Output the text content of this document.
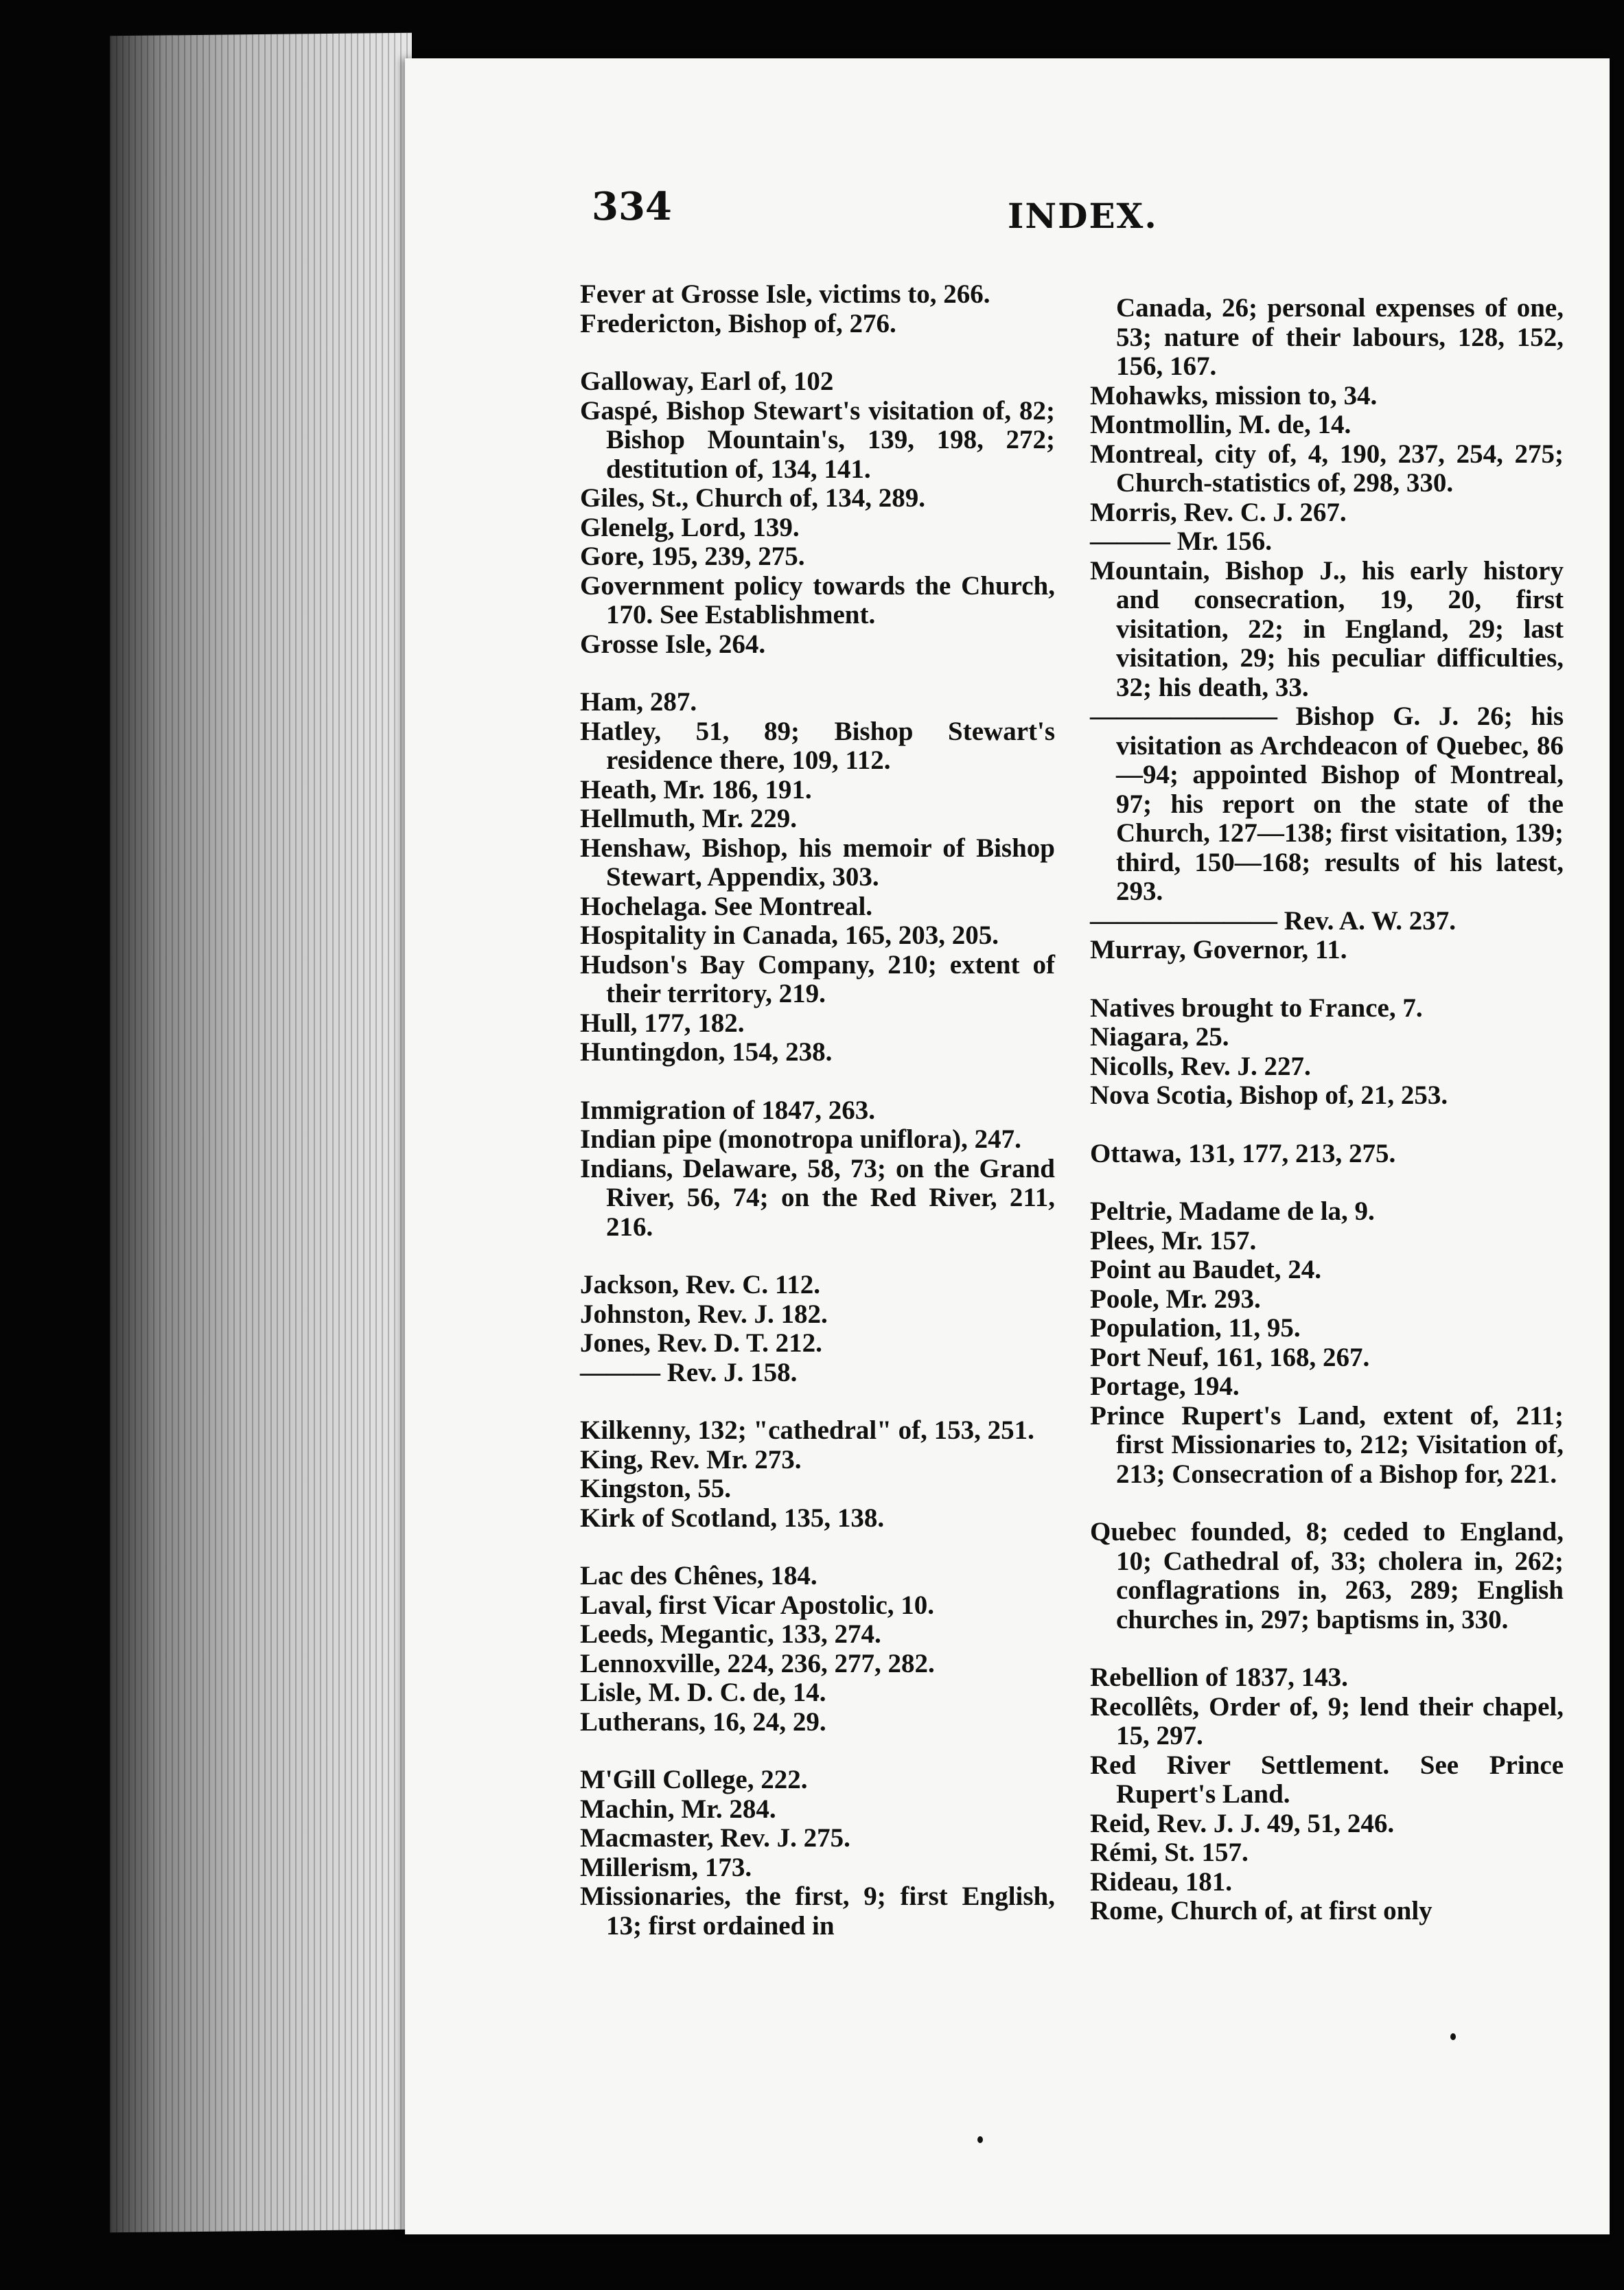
334	INDEX.

Fever at Grosse Isle, victims to, 266.

Fredericton, Bishop of, 276.

Galloway, Earl of, 102

Gaspé, Bishop Stewart's visitation of, 82; Bishop Mountain's, 139, 198, 272; destitution of, 134, 141.

Giles, St., Church of, 134, 289.

Glenelg, Lord, 139.

Gore, 195, 239, 275.

Government policy towards the Church, 170. See Establishment.

Grosse Isle, 264.

Ham, 287.

Hatley, 51, 89; Bishop Stewart's residence there, 109, 112.

Heath, Mr. 186, 191.

Hellmuth, Mr. 229.

Henshaw, Bishop, his memoir of Bishop Stewart, Appendix, 303.

Hochelaga. See Montreal.

Hospitality in Canada, 165, 203, 205.

Hudson's Bay Company, 210; extent of their territory, 219.

Hull, 177, 182.

Huntingdon, 154, 238.

Immigration of 1847, 263.

Indian pipe (monotropa uniflora), 247.

Indians, Delaware, 58, 73; on the Grand River, 56, 74; on the Red River, 211, 216.

Jackson, Rev. C. 112.

Johnston, Rev. J. 182.

Jones, Rev. D. T. 212.

——— Rev. J. 158.

Kilkenny, 132; "cathedral" of, 153, 251.

King, Rev. Mr. 273.

Kingston, 55.

Kirk of Scotland, 135, 138.

Lac des Chênes, 184.

Laval, first Vicar Apostolic, 10.

Leeds, Megantic, 133, 274.

Lennoxville, 224, 236, 277, 282.

Lisle, M. D. C. de, 14.

Lutherans, 16, 24, 29.

M'Gill College, 222.

Machin, Mr. 284.

Macmaster, Rev. J. 275.

Millerism, 173.

Missionaries, the first, 9; first English, 13; first ordained in

Canada, 26; personal expenses of one, 53; nature of their labours, 128, 152, 156, 167.

Mohawks, mission to, 34.

Montmollin, M. de, 14.

Montreal, city of, 4, 190, 237, 254, 275; Church-statistics of, 298, 330.

Morris, Rev. C. J. 267.

——— Mr. 156.

Mountain, Bishop J., his early history and consecration, 19, 20, first visitation, 22; in England, 29; last visitation, 29; his peculiar difficulties, 32; his death, 33.

——————— Bishop G. J. 26; his visitation as Archdeacon of Quebec, 86—94; appointed Bishop of Montreal, 97; his report on the state of the Church, 127—138; first visitation, 139; third, 150—168; results of his latest, 293.

——————— Rev. A. W. 237.

Murray, Governor, 11.

Natives brought to France, 7.

Niagara, 25.

Nicolls, Rev. J. 227.

Nova Scotia, Bishop of, 21, 253.

Ottawa, 131, 177, 213, 275.

Peltrie, Madame de la, 9.

Plees, Mr. 157.

Point au Baudet, 24.

Poole, Mr. 293.

Population, 11, 95.

Port Neuf, 161, 168, 267.

Portage, 194.

Prince Rupert's Land, extent of, 211; first Missionaries to, 212; Visitation of, 213; Consecration of a Bishop for, 221.

Quebec founded, 8; ceded to England, 10; Cathedral of, 33; cholera in, 262; conflagrations in, 263, 289; English churches in, 297; baptisms in, 330.

Rebellion of 1837, 143.

Recollêts, Order of, 9; lend their chapel, 15, 297.

Red River Settlement. See Prince Rupert's Land.

Reid, Rev. J. J. 49, 51, 246.

Rémi, St. 157.

Rideau, 181.

Rome, Church of, at first only
